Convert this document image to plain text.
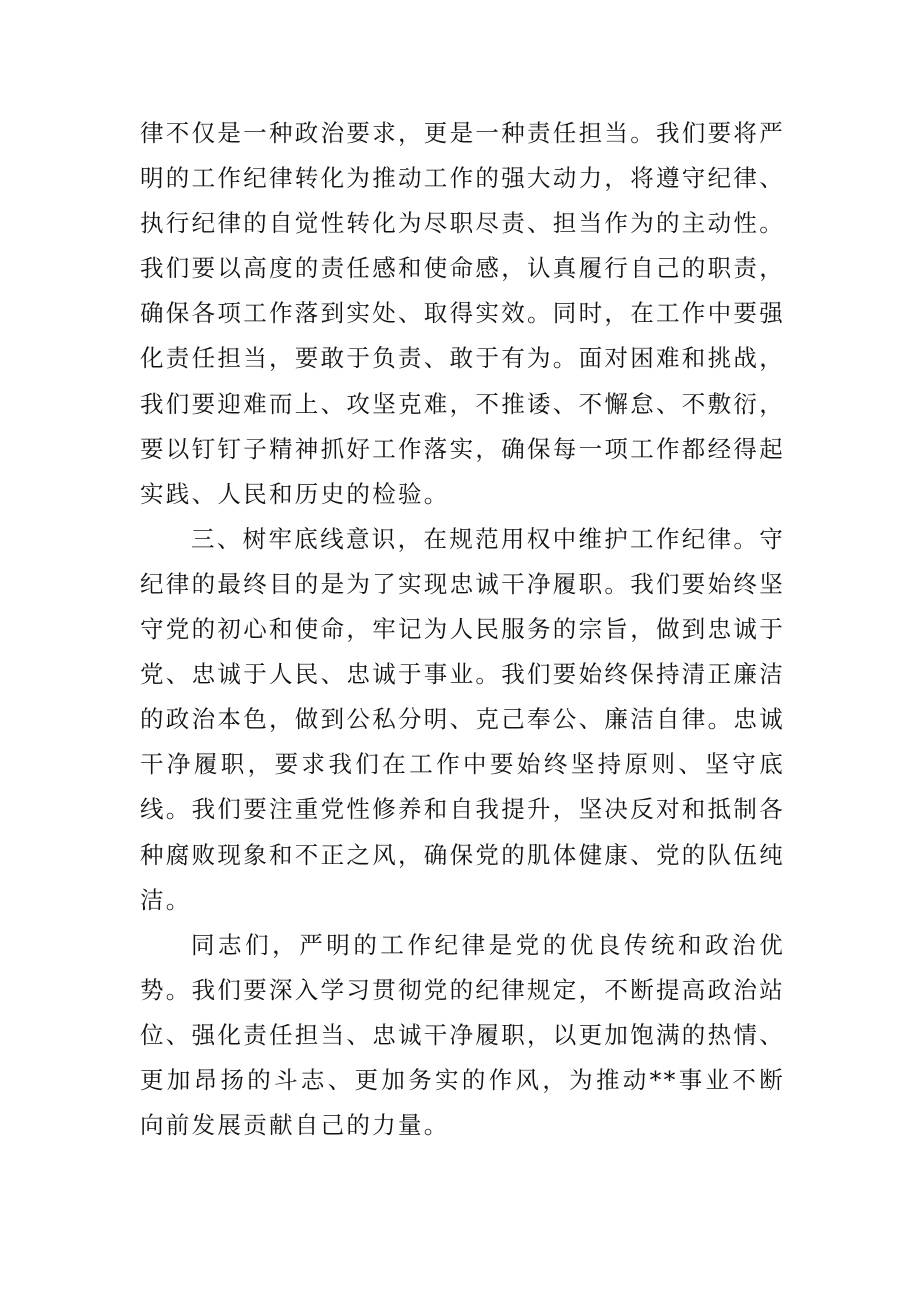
律不仅是一种政治要求，更是一种责任担当。我们要将严明的工作纪律转化为推动工作的强大动力，将遵守纪律、执行纪律的自觉性转化为尽职尽责、担当作为的主动性。我们要以高度的责任感和使命感，认真履行自己的职责，确保各项工作落到实处、取得实效。同时，在工作中要强化责任担当，要敢于负责、敢于有为。面对困难和挑战，我们要迎难而上、攻坚克难，不推诿、不懈怠、不敷衍，要以钉钉子精神抓好工作落实，确保每一项工作都经得起实践、人民和历史的检验。

三、树牢底线意识，在规范用权中维护工作纪律。守纪律的最终目的是为了实现忠诚干净履职。我们要始终坚守党的初心和使命，牢记为人民服务的宗旨，做到忠诚于党、忠诚于人民、忠诚于事业。我们要始终保持清正廉洁的政治本色，做到公私分明、克己奉公、廉洁自律。忠诚干净履职，要求我们在工作中要始终坚持原则、坚守底线。我们要注重党性修养和自我提升，坚决反对和抵制各种腐败现象和不正之风，确保党的肌体健康、党的队伍纯洁。

同志们，严明的工作纪律是党的优良传统和政治优势。我们要深入学习贯彻党的纪律规定，不断提高政治站位、强化责任担当、忠诚干净履职，以更加饱满的热情、更加昂扬的斗志、更加务实的作风，为推动**事业不断向前发展贡献自己的力量。
